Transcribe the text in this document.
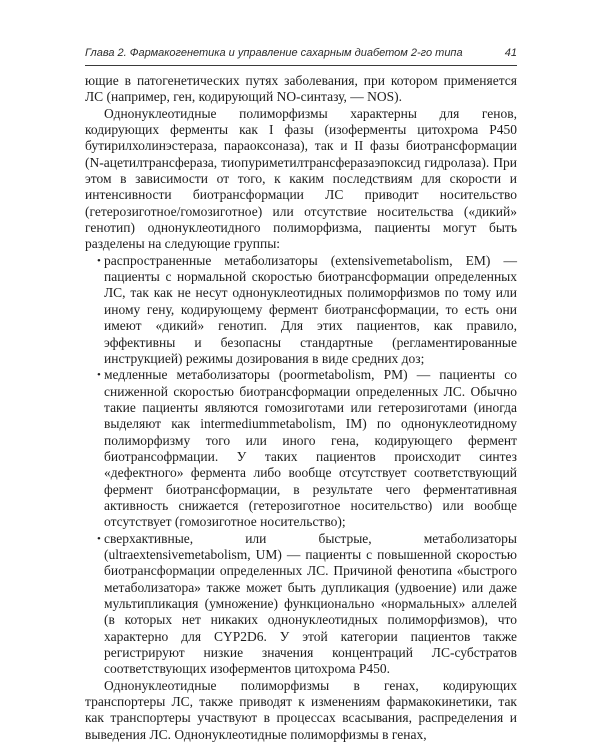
Глава 2. Фармакогенетика и управление сахарным диабетом 2-го типа	41

ющие в патогенетических путях заболевания, при котором применяется ЛС (например, ген, кодирующий NO-синтазу, — NOS).

Однонуклеотидные полиморфизмы характерны для генов, кодирующих ферменты как I фазы (изоферменты цитохрома P450 бутирилхолинэстераза, параоксоназа), так и II фазы биотрансформации (N-ацетилтрансфераза, тиопуриметилтрансферазаэпоксид гидролаза). При этом в зависимости от того, к каким последствиям для скорости и интенсивности биотрансформации ЛС приводит носительство (гетерозиготное/гомозиготное) или отсутствие носительства («дикий» генотип) однонуклеотидного полиморфизма, пациенты могут быть разделены на следующие группы:

• распространенные метаболизаторы (extensivemetabolism, EM) — пациенты с нормальной скоростью биотрансформации определенных ЛС, так как не несут однонуклеотидных полиморфизмов по тому или иному гену, кодирующему фермент биотрансформации, то есть они имеют «дикий» генотип. Для этих пациентов, как правило, эффективны и безопасны стандартные (регламентированные инструкцией) режимы дозирования в виде средних доз;
• медленные метаболизаторы (poormetabolism, PM) — пациенты со сниженной скоростью биотрансформации определенных ЛС. Обычно такие пациенты являются гомозиготами или гетерозиготами (иногда выделяют как intermediummetabolism, IM) по однонуклеотидному полиморфизму того или иного гена, кодирующего фермент биотрансофрмации. У таких пациентов происходит синтез «дефектного» фермента либо вообще отсутствует соответствующий фермент биотрансформации, в результате чего ферментативная активность снижается (гетерозиготное носительство) или вообще отсутствует (гомозиготное носительство);
• сверхактивные, или быстрые, метаболизаторы (ultraextensivemetabolism, UM) — пациенты с повышенной скоростью биотрансформации определенных ЛС. Причиной фенотипа «быстрого метаболизатора» также может быть дупликация (удвоение) или даже мультипликация (умножение) функционально «нормальных» аллелей (в которых нет никаких однонуклеотидных полиморфизмов), что характерно для CYP2D6. У этой категории пациентов также регистрируют низкие значения концентраций ЛС-субстратов соответствующих изоферментов цитохрома P450.

Однонуклеотидные полиморфизмы в генах, кодирующих транспортеры ЛС, также приводят к изменениям фармакокинетики, так как транспортеры участвуют в процессах всасывания, распределения и выведения ЛС. Однонуклеотидные полиморфизмы в генах,
